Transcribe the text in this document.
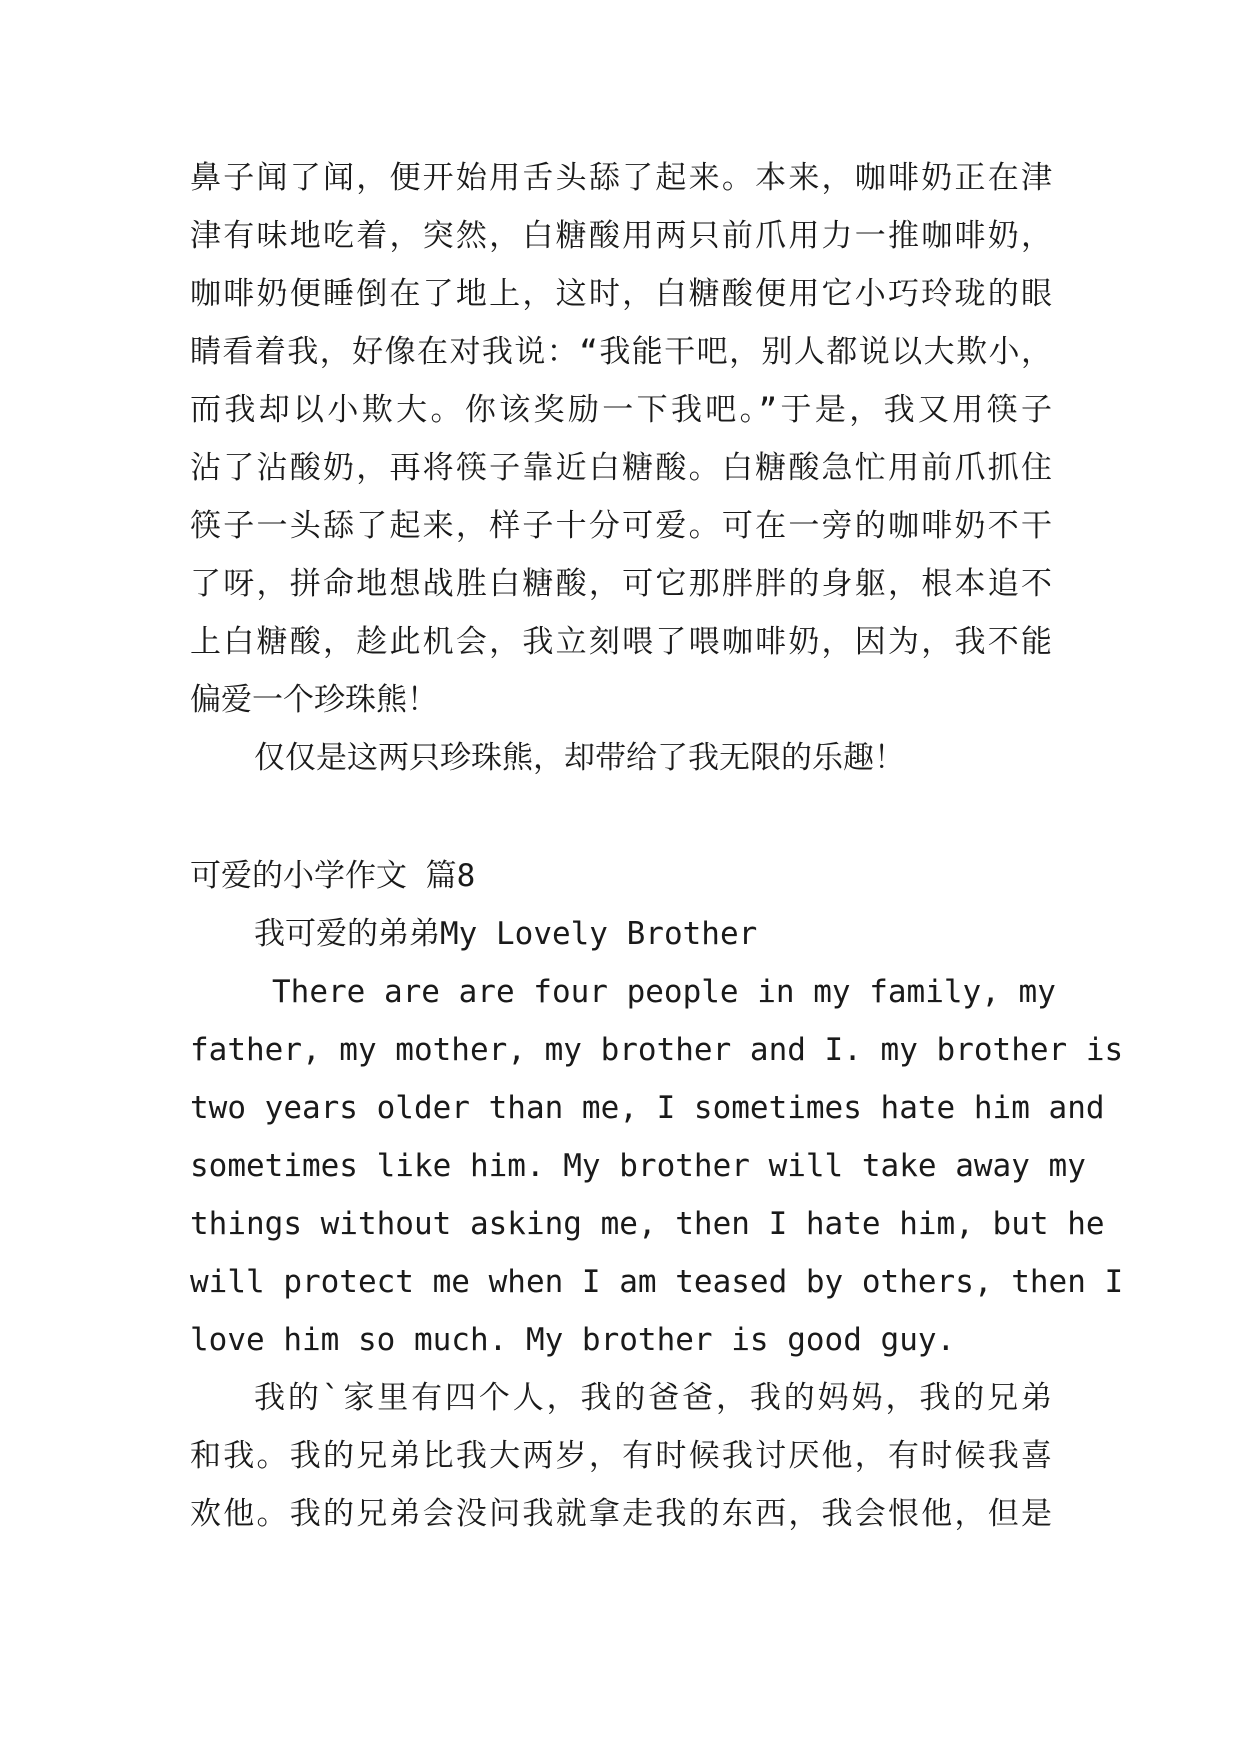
鼻子闻了闻，便开始用舌头舔了起来。本来，咖啡奶正在津
津有味地吃着，突然，白糖酸用两只前爪用力一推咖啡奶，
咖啡奶便睡倒在了地上，这时，白糖酸便用它小巧玲珑的眼
睛看着我，好像在对我说：“我能干吧，别人都说以大欺小，
而我却以小欺大。你该奖励一下我吧。”于是，我又用筷子
沾了沾酸奶，再将筷子靠近白糖酸。白糖酸急忙用前爪抓住
筷子一头舔了起来，样子十分可爱。可在一旁的咖啡奶不干
了呀，拼命地想战胜白糖酸，可它那胖胖的身躯，根本追不
上白糖酸，趁此机会，我立刻喂了喂咖啡奶，因为，我不能
偏爱一个珍珠熊！
仅仅是这两只珍珠熊，却带给了我无限的乐趣！
可爱的小学作文 篇8
我可爱的弟弟My Lovely Brother
There are are four people in my family, my
father, my mother, my brother and I. my brother is
two years older than me, I sometimes hate him and
sometimes like him. My brother will take away my
things without asking me, then I hate him, but he
will protect me when I am teased by others, then I
love him so much. My brother is good guy.
我的`家里有四个人，我的爸爸，我的妈妈，我的兄弟
和我。我的兄弟比我大两岁，有时候我讨厌他，有时候我喜
欢他。我的兄弟会没问我就拿走我的东西，我会恨他，但是
